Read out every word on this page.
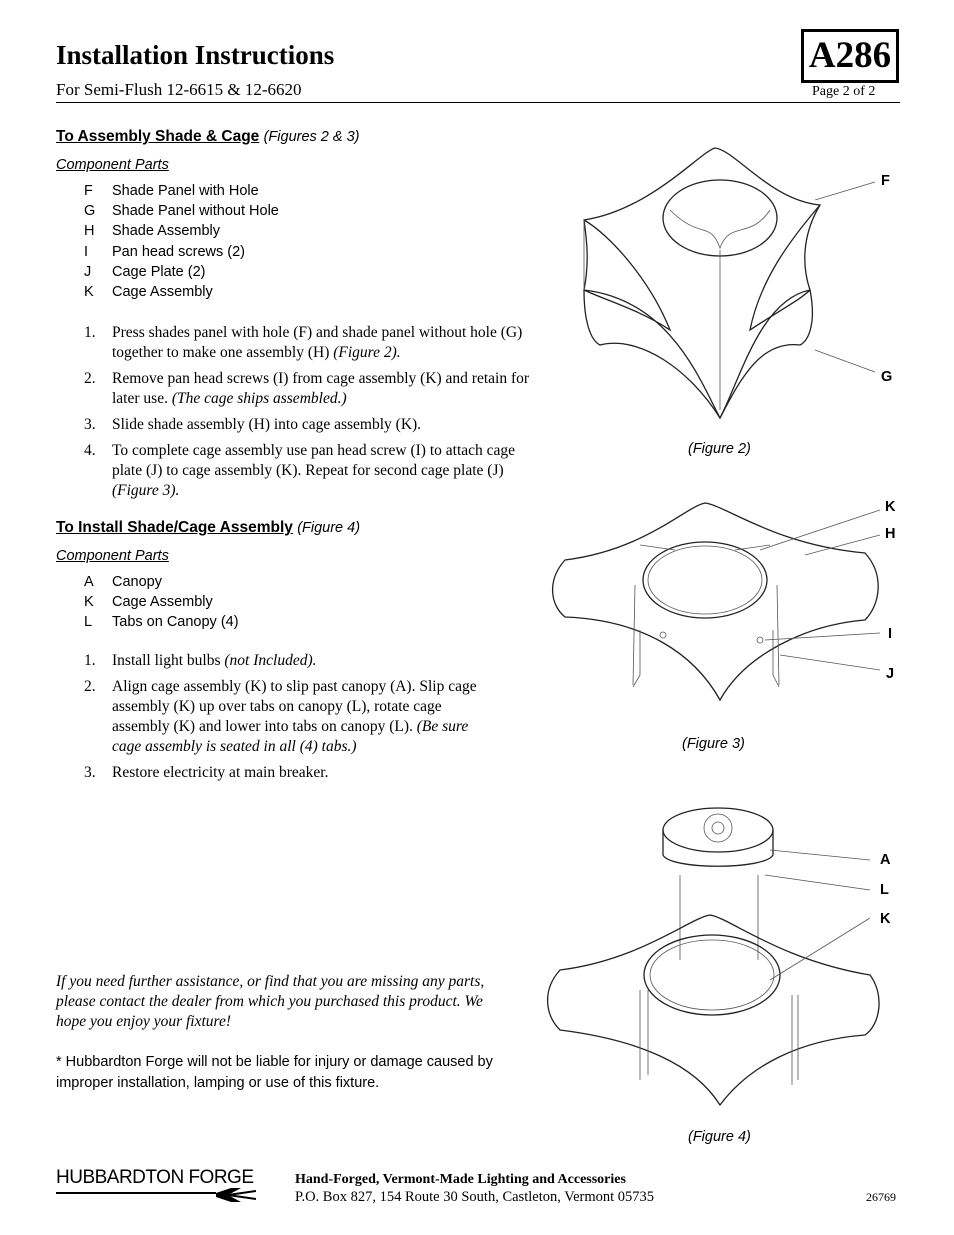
Installation Instructions
For Semi-Flush 12-6615 & 12-6620
A286
Page 2 of 2
To Assembly Shade & Cage (Figures 2 & 3)
Component Parts
F	Shade Panel with Hole
G	Shade Panel without Hole
H	Shade Assembly
I	Pan head screws (2)
J	Cage Plate (2)
K	Cage Assembly
1.	Press shades panel with hole (F) and shade panel without hole (G) together to make one assembly (H) (Figure 2).
2.	Remove pan head screws (I) from cage assembly (K) and retain for later use. (The cage ships assembled.)
3.	Slide shade assembly (H) into cage assembly (K).
4.	To complete cage assembly use pan head screw (I) to attach cage plate (J) to cage assembly (K). Repeat for second cage plate (J) (Figure 3).
To Install Shade/Cage Assembly (Figure 4)
Component Parts
A	Canopy
K	Cage Assembly
L	Tabs on Canopy (4)
1.	Install light bulbs (not Included).
2.	Align cage assembly (K) to slip past canopy (A). Slip cage assembly (K) up over tabs on canopy (L), rotate cage assembly (K) and lower into tabs on canopy (L). (Be sure cage assembly is seated in all (4) tabs.)
3.	Restore electricity at main breaker.
F
G
(Figure 2)
K
H
I
J
(Figure 3)
A
L
K
(Figure 4)
If you need further assistance, or find that you are missing any parts, please contact the dealer from which you purchased this product. We hope you enjoy your fixture!
* Hubbardton Forge will not be liable for injury or damage caused by improper installation, lamping or use of this fixture.
HUBBARDTON FORGE	Hand-Forged, Vermont-Made Lighting and Accessories
P.O. Box 827, 154 Route 30 South, Castleton, Vermont 05735	26769
